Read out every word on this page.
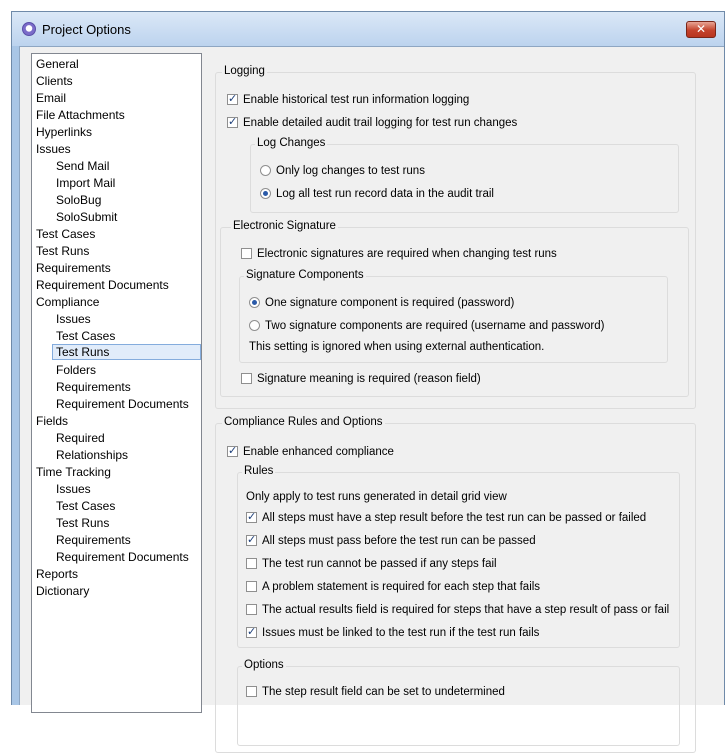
Project Options	✕
General
Clients
Email
File Attachments
Hyperlinks
Issues
Send Mail
Import Mail
SoloBug
SoloSubmit
Test Cases
Test Runs
Requirements
Requirement Documents
Compliance
Issues
Test Cases
Test Runs
Folders
Requirements
Requirement Documents
Fields
Required
Relationships
Time Tracking
Issues
Test Cases
Test Runs
Requirements
Requirement Documents
Reports
Dictionary
Logging
✓Enable historical test run information logging
✓Enable detailed audit trail logging for test run changes
Log Changes
Only log changes to test runs
Log all test run record data in the audit trail
Electronic Signature
Electronic signatures are required when changing test runs
Signature Components
One signature component is required (password)
Two signature components are required (username and password)
This setting is ignored when using external authentication.
Signature meaning is required (reason field)
Compliance Rules and Options
✓Enable enhanced compliance
Rules
Only apply to test runs generated in detail grid view
✓All steps must have a step result before the test run can be passed or failed
✓All steps must pass before the test run can be passed
The test run cannot be passed if any steps fail
A problem statement is required for each step that fails
The actual results field is required for steps that have a step result of pass or fail
✓Issues must be linked to the test run if the test run fails
Options
The step result field can be set to undetermined
